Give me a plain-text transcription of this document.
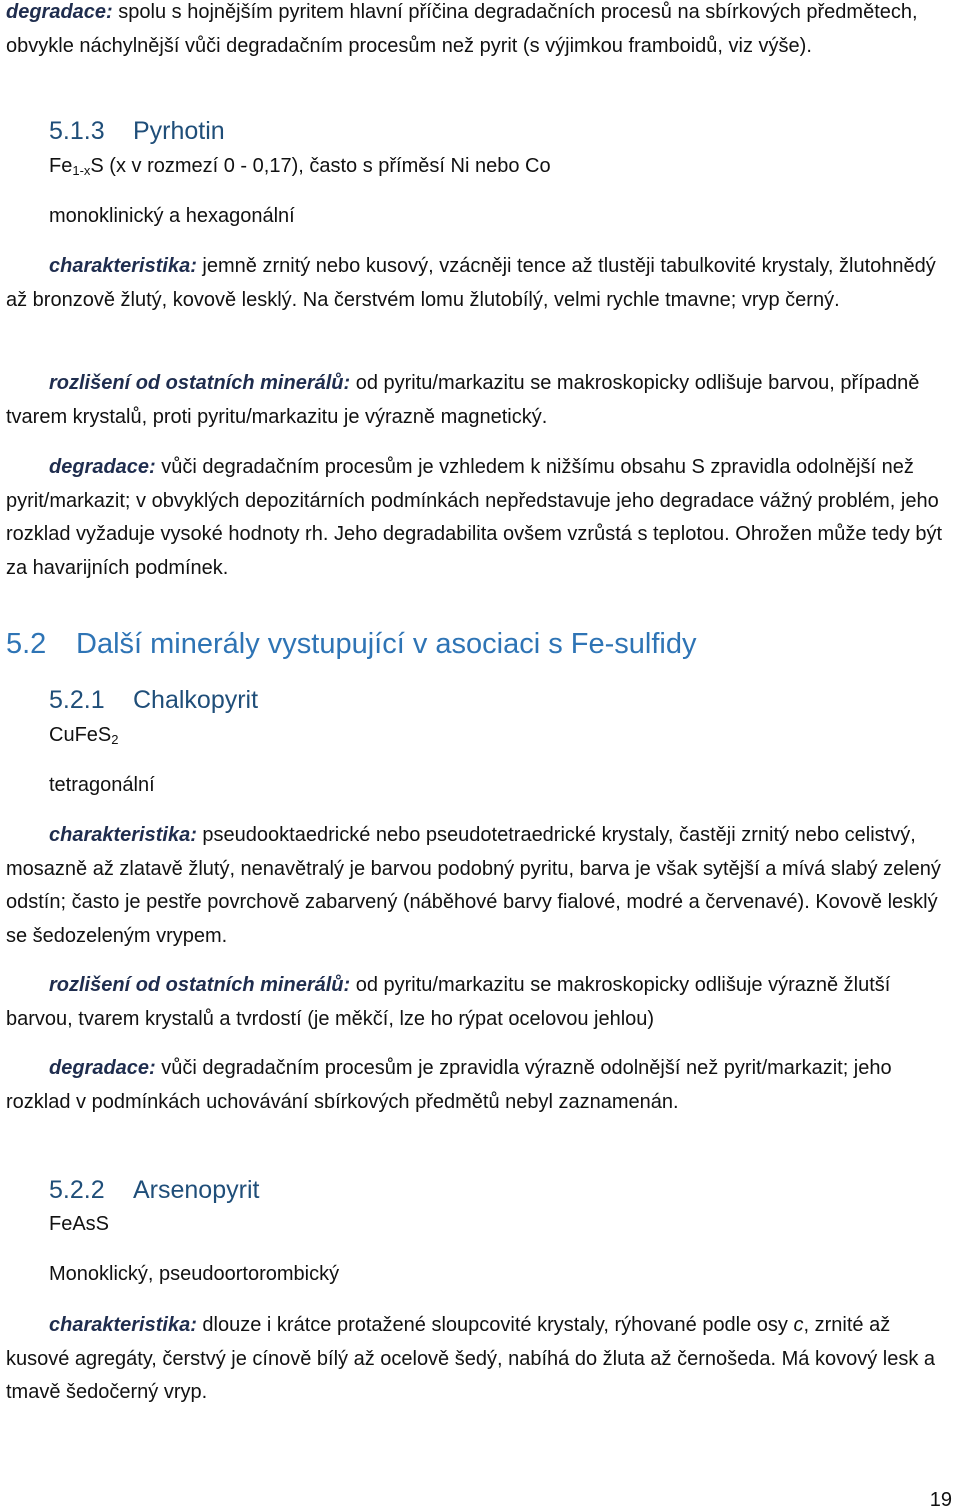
degradace: spolu s hojnějším pyritem hlavní příčina degradačních procesů na sbírkových předmětech, obvykle náchylnější vůči degradačním procesům než pyrit (s výjimkou framboidů, viz výše).

5.1.3 Pyrhotin

$Fe_{1-x}S$ (x v rozmezí 0 - 0,17), často s příměsí Ni nebo Co

monoklinický a hexagonální

charakteristika: jemně zrnitý nebo kusový, vzácněji tence až tlustěji tabulkovité krystaly, žlutohnědý až bronzově žlutý, kovově lesklý. Na čerstvém lomu žlutobílý, velmi rychle tmavne; vryp černý.

rozlišení od ostatních minerálů: od pyritu/markazitu se makroskopicky odlišuje barvou, případně tvarem krystalů, proti pyritu/markazitu je výrazně magnetický.

degradace: vůči degradačním procesům je vzhledem k nižšímu obsahu S zpravidla odolnější než pyrit/markazit; v obvyklých depozitárních podmínkách nepředstavuje jeho degradace vážný problém, jeho rozklad vyžaduje vysoké hodnoty rh. Jeho degradabilita ovšem vzrůstá s teplotou. Ohrožen může tedy být za havarijních podmínek.

5.2 Další minerály vystupující v asociaci s Fe-sulfidy
5.2.1 Chalkopyrit

CuFeS$_2$

tetragonální

charakteristika: pseudooktaedrické nebo pseudotetraedrické krystaly, častěji zrnitý nebo celistvý, mosazně až zlatavě žlutý, nenavětralý je barvou podobný pyritu, barva je však sytější a mívá slabý zelený odstín; často je pestře povrchově zabarvený (náběhové barvy fialové, modré a červenavé). Kovově lesklý se šedozeleným vrypem.

rozlišení od ostatních minerálů: od pyritu/markazitu se makroskopicky odlišuje výrazně žlutší barvou, tvarem krystalů a tvrdostí (je měkčí, lze ho rýpat ocelovou jehlou)

degradace: vůči degradačním procesům je zpravidla výrazně odolnější než pyrit/markazit; jeho rozklad v podmínkách uchovávání sbírkových předmětů nebyl zaznamenán.

5.2.2 Arsenopyrit

FeAsS

Monoklický, pseudoortorombický

charakteristika: dlouze i krátce protažené sloupcovité krystaly, rýhované podle osy c, zrnité až kusové agregáty, čerstvý je cínově bílý až ocelově šedý, nabíhá do žluta až černošeda. Má kovový lesk a tmavě šedočerný vryp.

19
